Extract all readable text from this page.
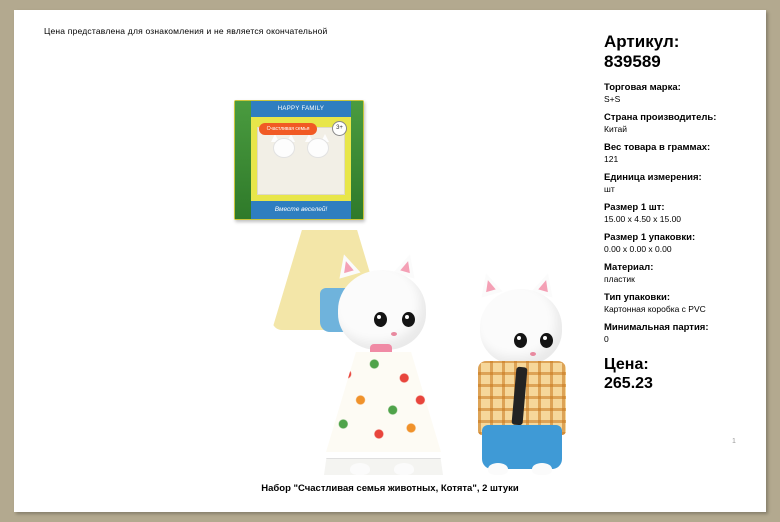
Цена представлена для ознакомления и не является окончательной
HAPPY FAMILY
Счастливая семья	3+
Вместе веселей!
1
Артикул:
839589
Торговая марка:
S+S
Страна производитель:
Китай
Вес товара в граммах:
121
Единица измерения:
шт
Размер 1 шт:
15.00 x 4.50 x 15.00
Размер 1 упаковки:
0.00 x 0.00 x 0.00
Материал:
пластик
Тип упаковки:
Картонная коробка с PVC
Минимальная партия:
0
Цена:
265.23
Набор "Счастливая семья животных, Котята", 2 штуки
